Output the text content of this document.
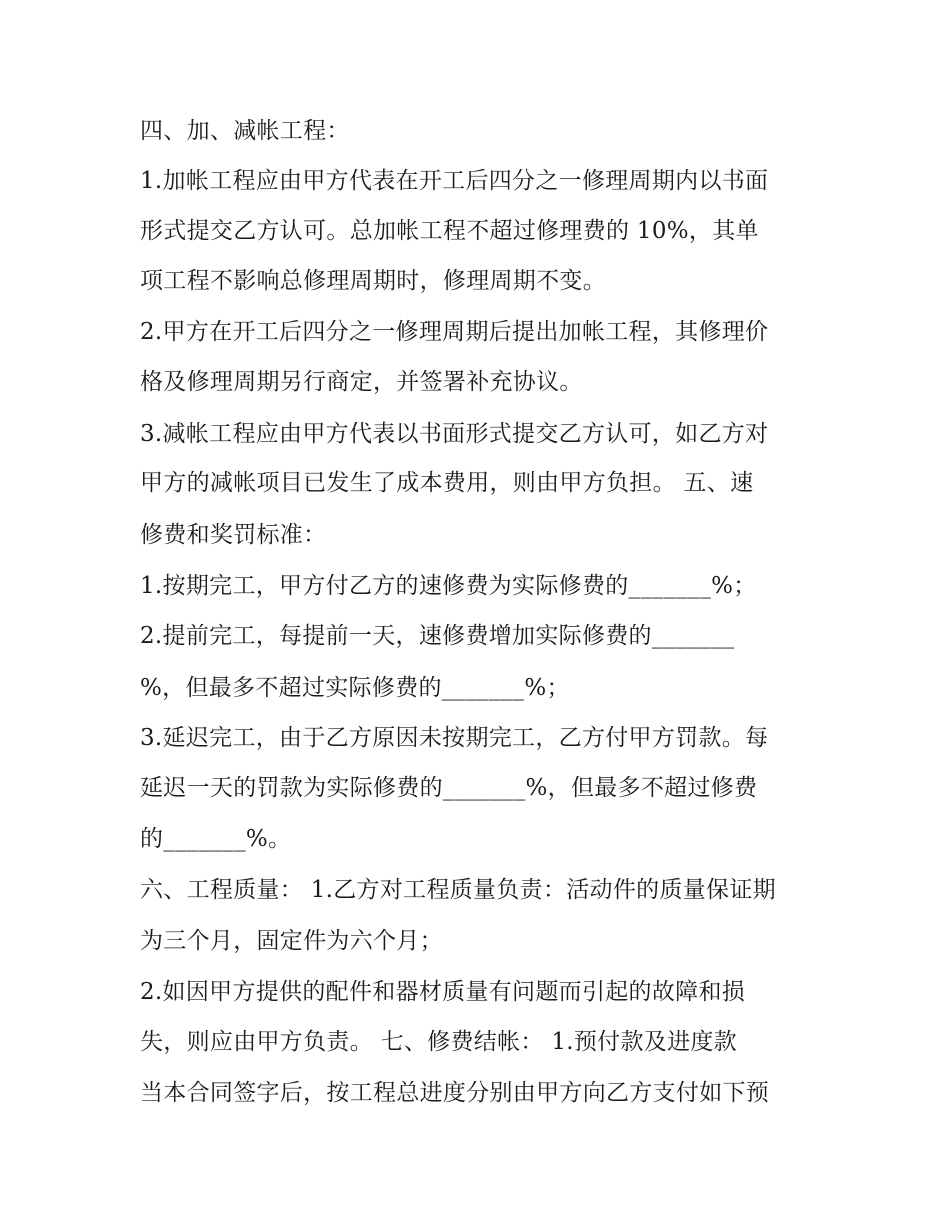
四、加、减帐工程：
1.加帐工程应由甲方代表在开工后四分之一修理周期内以书面
形式提交乙方认可。总加帐工程不超过修理费的 10%，其单
项工程不影响总修理周期时，修理周期不变。
2.甲方在开工后四分之一修理周期后提出加帐工程，其修理价
格及修理周期另行商定，并签署补充协议。
3.减帐工程应由甲方代表以书面形式提交乙方认可，如乙方对
甲方的减帐项目已发生了成本费用，则由甲方负担。 五、速
修费和奖罚标准：
1.按期完工，甲方付乙方的速修费为实际修费的_______%；
2.提前完工，每提前一天，速修费增加实际修费的_______
%，但最多不超过实际修费的_______%；
3.延迟完工，由于乙方原因未按期完工，乙方付甲方罚款。每
延迟一天的罚款为实际修费的_______%，但最多不超过修费
的_______%。
六、工程质量： 1.乙方对工程质量负责：活动件的质量保证期
为三个月，固定件为六个月；
2.如因甲方提供的配件和器材质量有问题而引起的故障和损
失，则应由甲方负责。 七、修费结帐： 1.预付款及进度款
当本合同签字后，按工程总进度分别由甲方向乙方支付如下预
